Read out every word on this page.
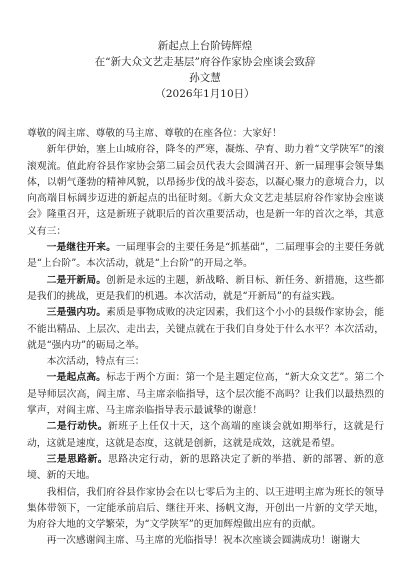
新起点上台阶铸辉煌
在“新大众文艺走基层”府谷作家协会座谈会致辞
孙文慧
（2026年1月10日）

尊敬的阎主席、尊敬的马主席、尊敬的在座各位：大家好！

新年伊始，塞上山城府谷，降冬的严寒，凝炼、孕育、助力着“文学陕军”的滚滚观流。值此府谷县作家协会第二届会员代表大会圆满召开、新一届理事会领导集体，以朝气蓬勃的精神风貌，以昂扬步伐的战斗姿态，以凝心聚力的意境合力，以向高端目标阔步迈进的新起点的出征时刻。《新大众文艺走基层府谷作家协会座谈会》隆重召开，这是新班子就职后的首次重要活动，也是新一年的首次之举，其意义有三：

一是继往开来。一届理事会的主要任务是“抓基础”，二届理事会的主要任务就是“上台阶”。本次活动，就是“上台阶”的开局之举。

二是开新局。创新是永远的主题，新战略、新目标、新任务、新措施，这些都是我们的挑战，更是我们的机遇。本次活动，就是“开新局”的有益实践。

三是强内功。素质是事物成败的决定因素，我们这个小小的县级作家协会，能不能出精品、上层次、走出去，关键点就在于我们自身处于什么水平？本次活动，就是“强内功”的砺局之举。

本次活动，特点有三：

一是起点高。标志于两个方面：第一个是主题定位高，“新大众文艺”。第二个是导师层次高，阎主席、马主席亲临指导，这个层次能不高吗？让我们以最热烈的掌声，对阎主席、马主席亲临指导表示最诚挚的谢意！

二是行动快。新班子上任仅十天，这个高端的座谈会就如期举行，这就是行动，这就是速度，这就是态度，这就是创新，这就是成效，这就是希望。

三是思路新。思路决定行动，新的思路决定了新的举措、新的部署、新的意境、新的天地。

我相信，我们府谷县作家协会在以七零后为主的、以王进明主席为班长的领导集体带领下，一定能承前启后、继往开来、扬帆文海，开创出一片新的文学天地，为府谷大地的文学繁荣，为“文学陕军”的更加辉煌做出应有的贡献。

再一次感谢阎主席、马主席的光临指导！祝本次座谈会圆满成功！谢谢大
